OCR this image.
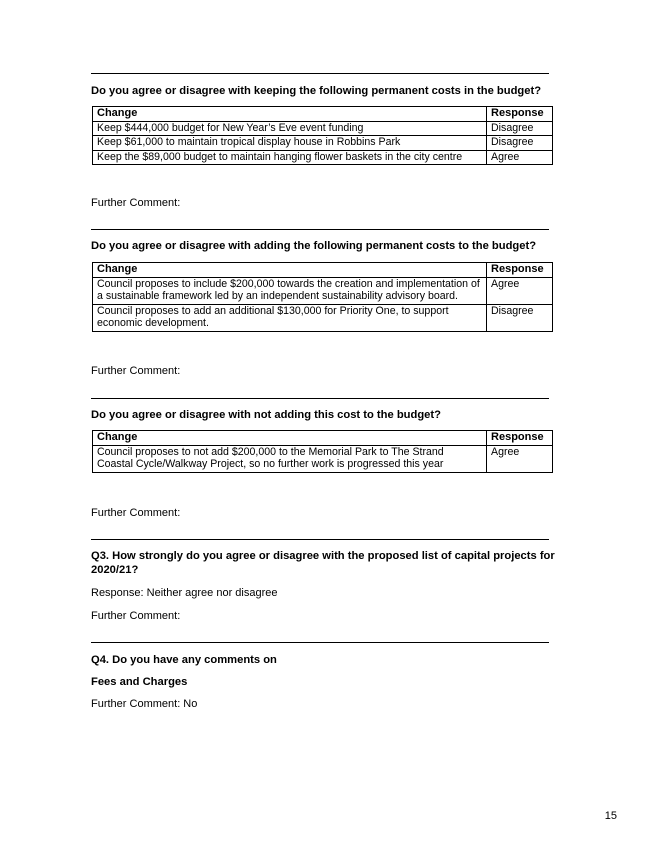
Do you agree or disagree with keeping the following permanent costs in the budget?
Change	Response
Keep $444,000 budget for New Year’s Eve event funding	Disagree
Keep $61,000 to maintain tropical display house in Robbins Park	Disagree
Keep the $89,000 budget to maintain hanging flower baskets in the city centre	Agree
Further Comment:
Do you agree or disagree with adding the following permanent costs to the budget?
Change	Response
Council proposes to include $200,000 towards the creation and implementation of a sustainable framework led by an independent sustainability advisory board.	Agree
Council proposes to add an additional $130,000 for Priority One, to support economic development.	Disagree
Further Comment:
Do you agree or disagree with not adding this cost to the budget?
Change	Response
Council proposes to not add $200,000 to the Memorial Park to The Strand Coastal Cycle/Walkway Project, so no further work is progressed this year	Agree
Further Comment:
Q3. How strongly do you agree or disagree with the proposed list of capital projects for 2020/21?
Response: Neither agree nor disagree
Further Comment:
Q4. Do you have any comments on
Fees and Charges
Further Comment: No
15
